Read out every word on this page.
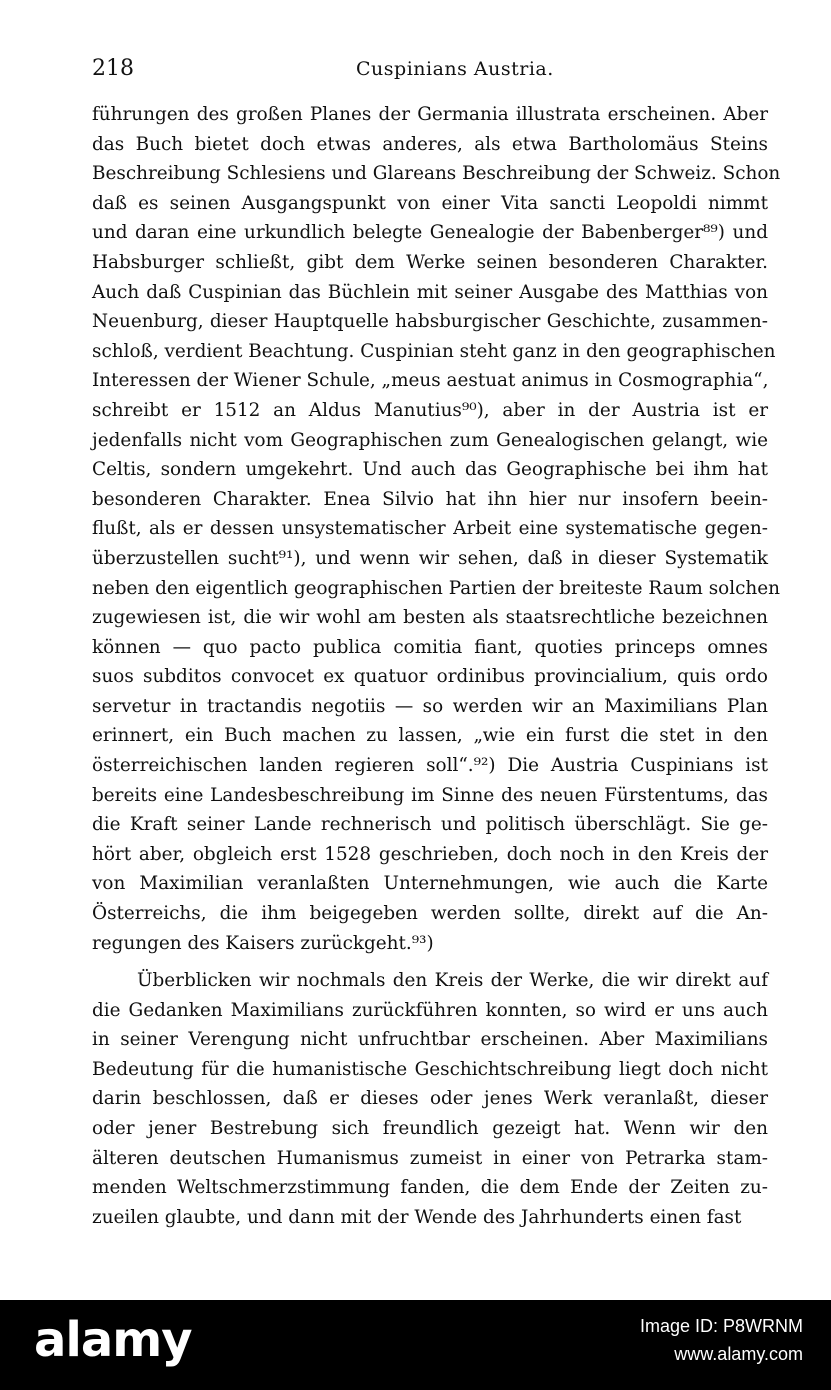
218	Cuspinians Austria.
führungen des großen Planes der Germania illustrata erscheinen. Aber
das Buch bietet doch etwas anderes, als etwa Bartholomäus Steins
Beschreibung Schlesiens und Glareans Beschreibung der Schweiz. Schon
daß es seinen Ausgangspunkt von einer Vita sancti Leopoldi nimmt
und daran eine urkundlich belegte Genealogie der Babenberger⁸⁹) und
Habsburger schließt, gibt dem Werke seinen besonderen Charakter.
Auch daß Cuspinian das Büchlein mit seiner Ausgabe des Matthias von
Neuenburg, dieser Hauptquelle habsburgischer Geschichte, zusammen-
schloß, verdient Beachtung. Cuspinian steht ganz in den geographischen
Interessen der Wiener Schule, „meus aestuat animus in Cosmographia“,
schreibt er 1512 an Aldus Manutius⁹⁰), aber in der Austria ist er
jedenfalls nicht vom Geographischen zum Genealogischen gelangt, wie
Celtis, sondern umgekehrt. Und auch das Geographische bei ihm hat
besonderen Charakter. Enea Silvio hat ihn hier nur insofern beein-
flußt, als er dessen unsystematischer Arbeit eine systematische gegen-
überzustellen sucht⁹¹), und wenn wir sehen, daß in dieser Systematik
neben den eigentlich geographischen Partien der breiteste Raum solchen
zugewiesen ist, die wir wohl am besten als staatsrechtliche bezeichnen
können — quo pacto publica comitia fiant, quoties princeps omnes
suos subditos convocet ex quatuor ordinibus provincialium, quis ordo
servetur in tractandis negotiis — so werden wir an Maximilians Plan
erinnert, ein Buch machen zu lassen, „wie ein furst die stet in den
österreichischen landen regieren soll“.⁹²) Die Austria Cuspinians ist
bereits eine Landesbeschreibung im Sinne des neuen Fürstentums, das
die Kraft seiner Lande rechnerisch und politisch überschlägt. Sie ge-
hört aber, obgleich erst 1528 geschrieben, doch noch in den Kreis der
von Maximilian veranlaßten Unternehmungen, wie auch die Karte
Österreichs, die ihm beigegeben werden sollte, direkt auf die An-
regungen des Kaisers zurückgeht.⁹³)
Überblicken wir nochmals den Kreis der Werke, die wir direkt auf
die Gedanken Maximilians zurückführen konnten, so wird er uns auch
in seiner Verengung nicht unfruchtbar erscheinen. Aber Maximilians
Bedeutung für die humanistische Geschichtschreibung liegt doch nicht
darin beschlossen, daß er dieses oder jenes Werk veranlaßt, dieser
oder jener Bestrebung sich freundlich gezeigt hat. Wenn wir den
älteren deutschen Humanismus zumeist in einer von Petrarka stam-
menden Weltschmerzstimmung fanden, die dem Ende der Zeiten zu-
zueilen glaubte, und dann mit der Wende des Jahrhunderts einen fast
alamy	Image ID: P8WRNM
www.alamy.com
